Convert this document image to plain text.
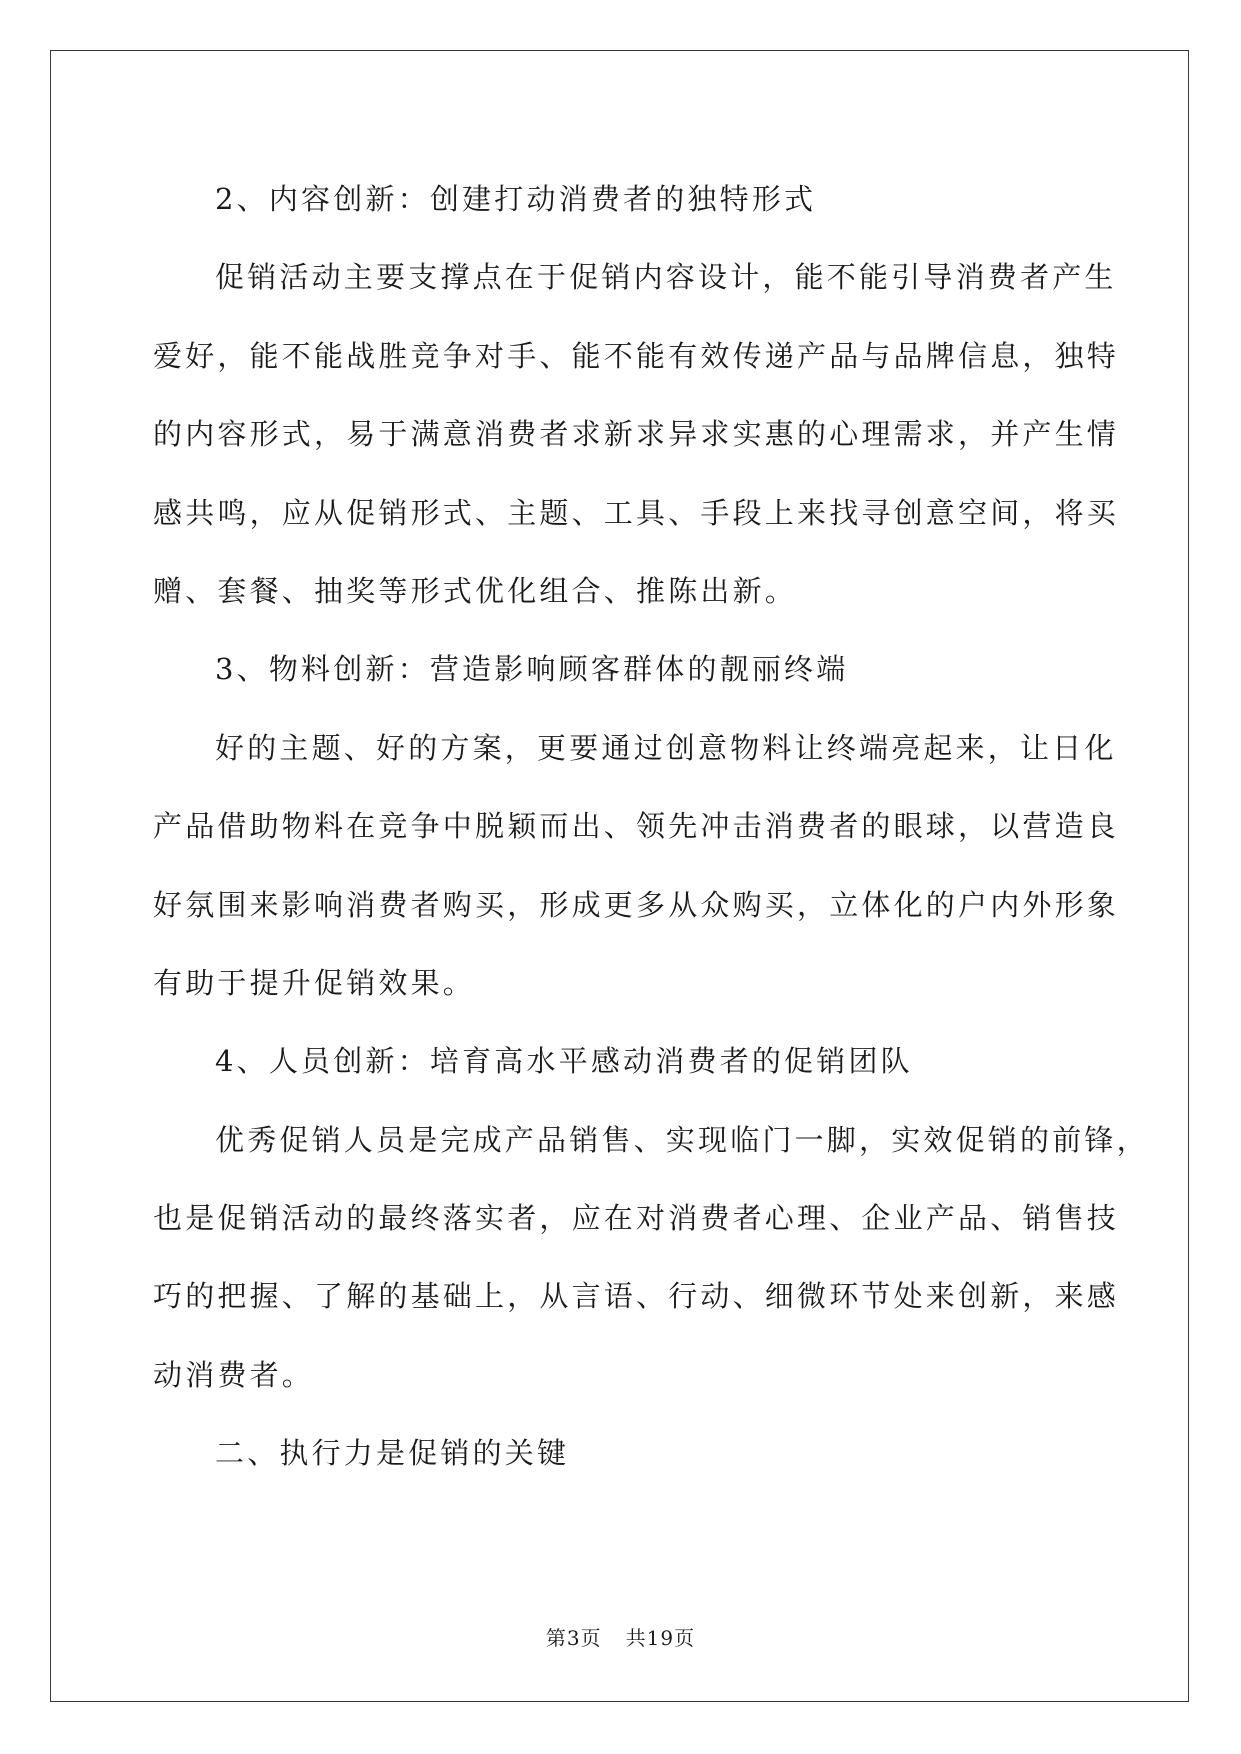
2、内容创新：创建打动消费者的独特形式
促销活动主要支撑点在于促销内容设计，能不能引导消费者产生
爱好，能不能战胜竞争对手、能不能有效传递产品与品牌信息，独特
的内容形式，易于满意消费者求新求异求实惠的心理需求，并产生情
感共鸣，应从促销形式、主题、工具、手段上来找寻创意空间，将买
赠、套餐、抽奖等形式优化组合、推陈出新。
3、物料创新：营造影响顾客群体的靓丽终端
好的主题、好的方案，更要通过创意物料让终端亮起来，让日化
产品借助物料在竞争中脱颖而出、领先冲击消费者的眼球，以营造良
好氛围来影响消费者购买，形成更多从众购买，立体化的户内外形象
有助于提升促销效果。
4、人员创新：培育高水平感动消费者的促销团队
优秀促销人员是完成产品销售、实现临门一脚，实效促销的前锋，
也是促销活动的最终落实者，应在对消费者心理、企业产品、销售技
巧的把握、了解的基础上，从言语、行动、细微环节处来创新，来感
动消费者。
二、执行力是促销的关键
第3页 共19页
